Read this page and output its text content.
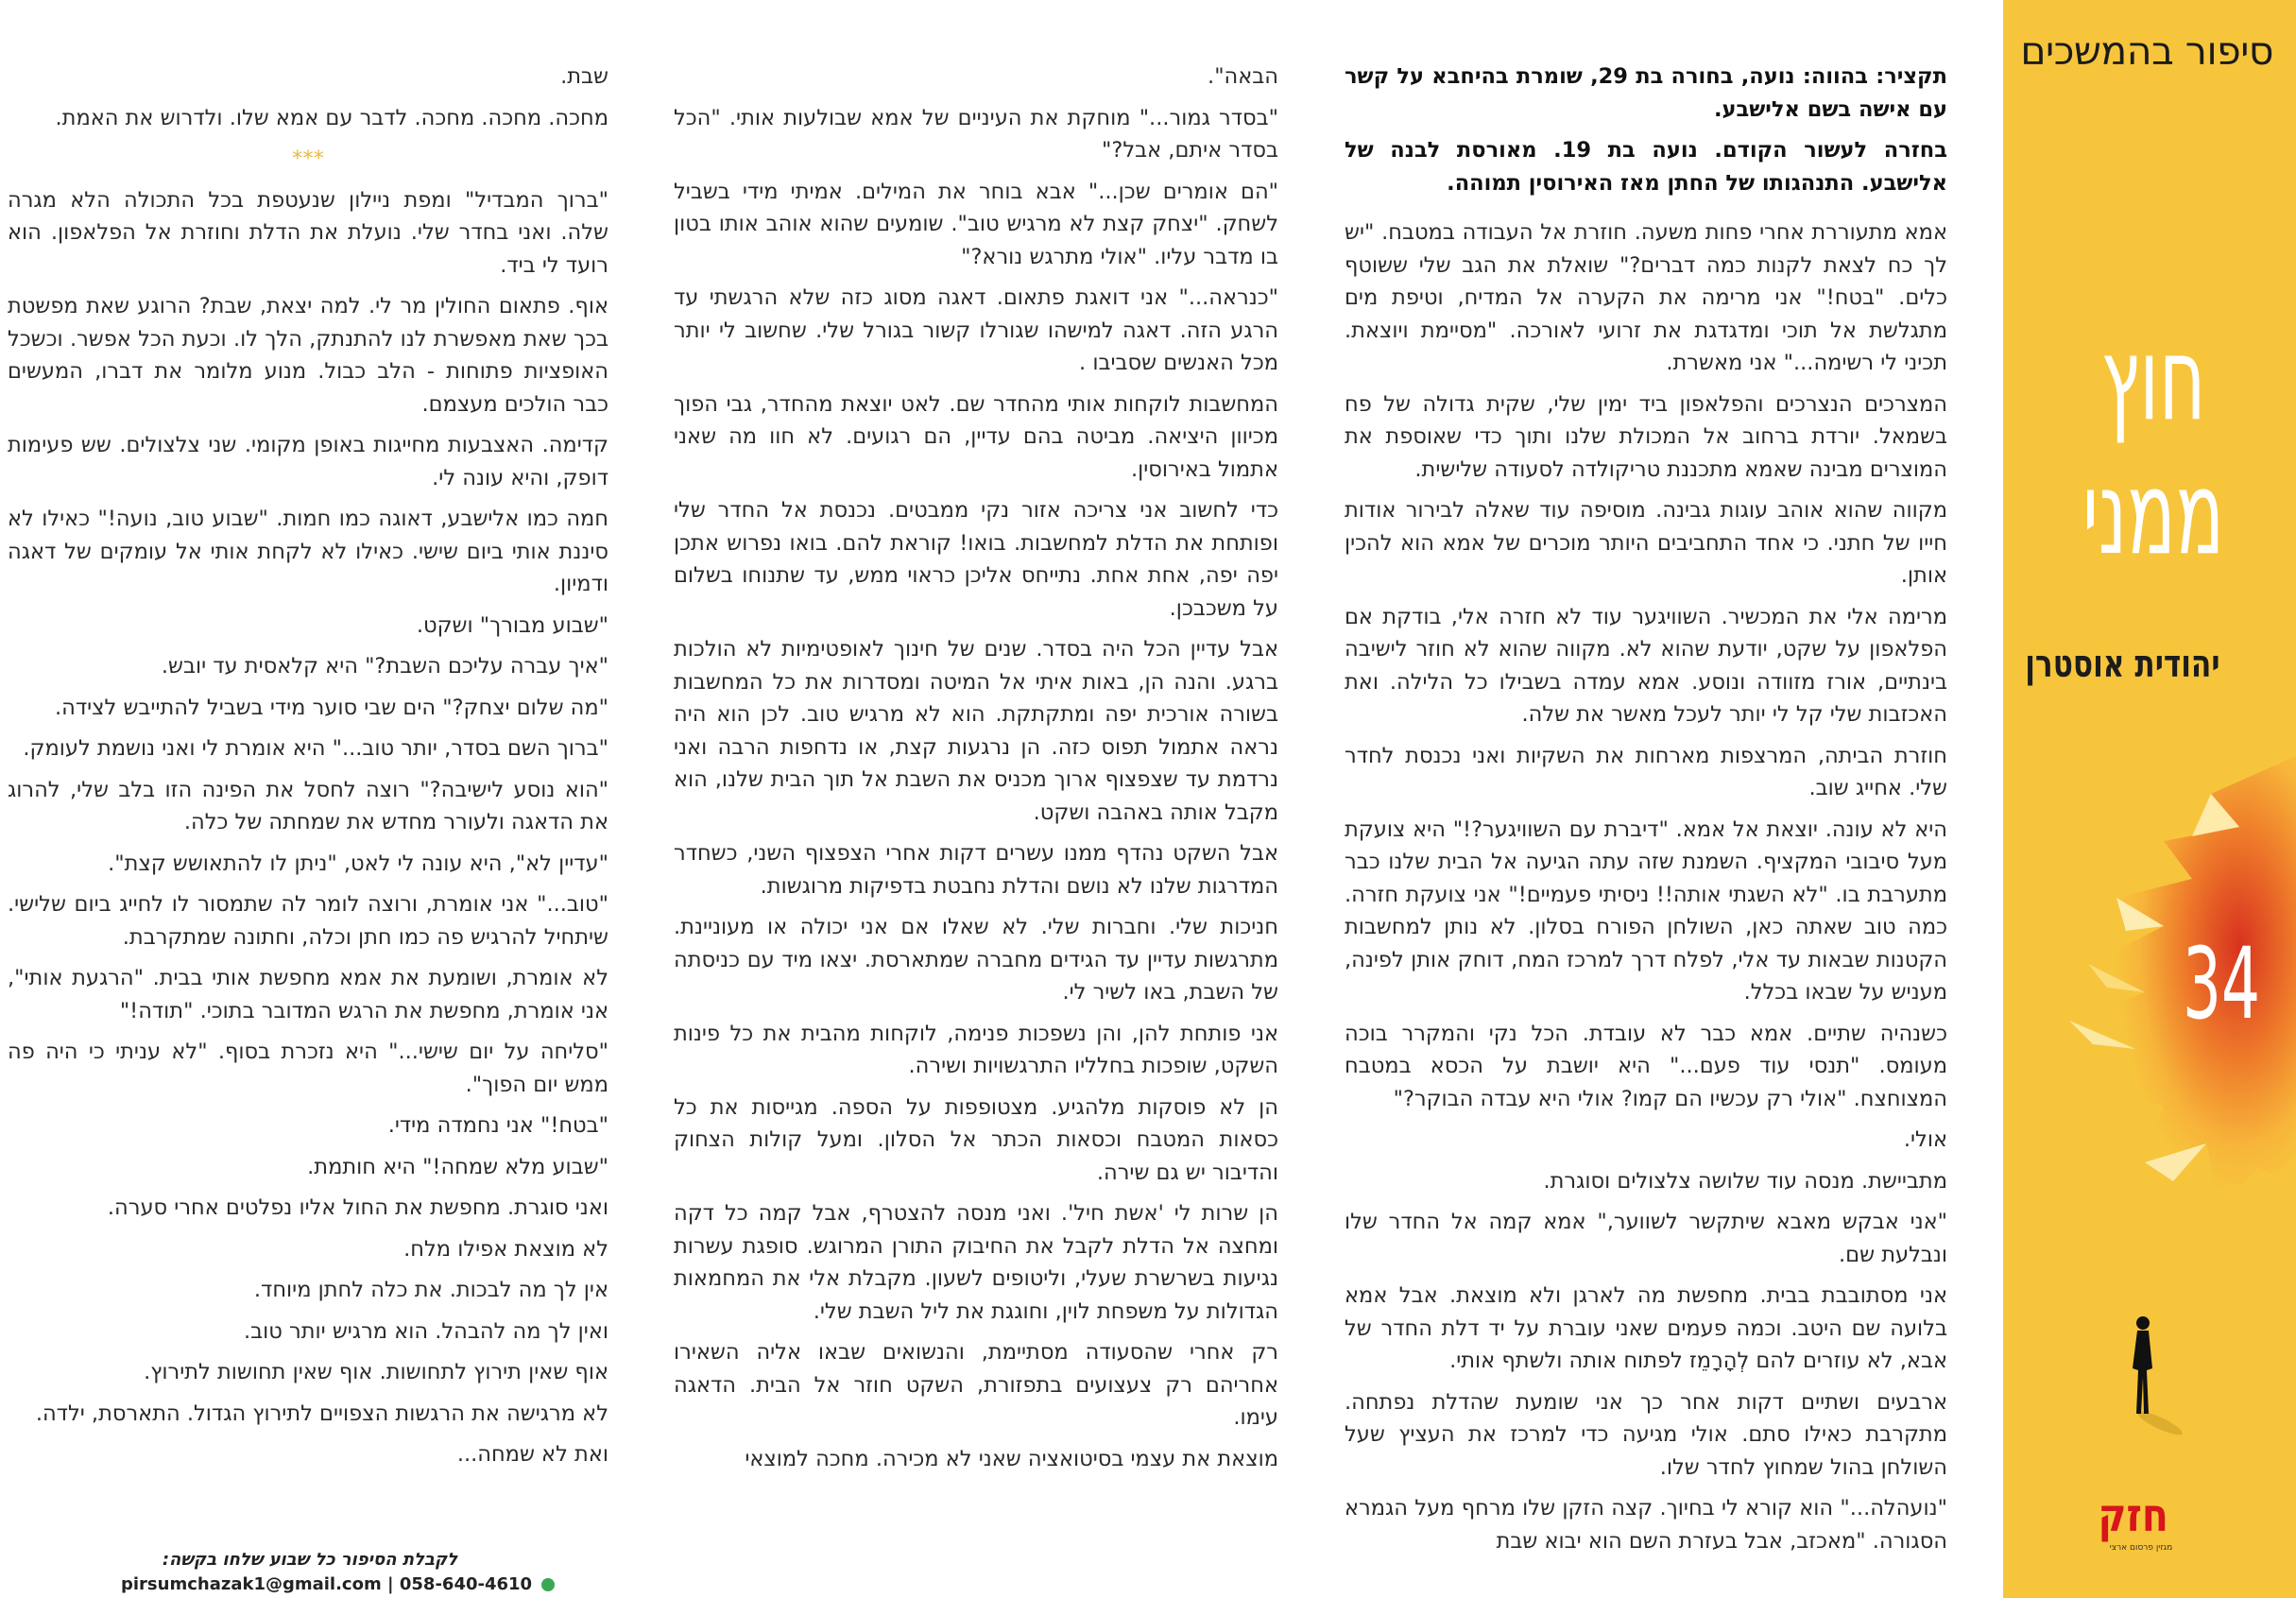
תקציר: בהווה: נועה, בחורה בת 29, שומרת בהיחבא על קשר עם אישה בשם אלישבע.

בחזרה לעשור הקודם. נועה בת 19. מאורסת לבנה של אלישבע. התנהגותו של החתן מאז האירוסין תמוהה.

אמא מתעוררת אחרי פחות משעה. חוזרת אל העבודה במטבח. "יש לך כח לצאת לקנות כמה דברים?" שואלת את הגב שלי ששוטף כלים. "בטח!" אני מרימה את הקערה אל המדיח, וטיפת מים מתגלשת אל תוכי ומדגדגת את זרועי לאורכה. "מסיימת ויוצאת. תכיני לי רשימה..." אני מאשרת.

המצרכים הנצרכים והפלאפון ביד ימין שלי, שקית גדולה של פח בשמאל. יורדת ברחוב אל המכולת שלנו ותוך כדי שאוספת את המוצרים מבינה שאמא מתכננת טריקולדה לסעודה שלישית.

מקווה שהוא אוהב עוגות גבינה. מוסיפה עוד שאלה לבירור אודות חייו של חתני. כי אחד התחביבים היותר מוכרים של אמא הוא להכין אותן.

מרימה אלי את המכשיר. השוויגער עוד לא חזרה אלי, בודקת אם הפלאפון על שקט, יודעת שהוא לא. מקווה שהוא לא חוזר לישיבה בינתיים, אורז מזוודה ונוסע. אמא עמדה בשבילו כל הלילה. ואת האכזבות שלי קל לי יותר לעכל מאשר את שלה.

חוזרת הביתה, המרצפות מארחות את השקיות ואני נכנסת לחדר שלי. אחייג שוב.

היא לא עונה. יוצאת אל אמא. "דיברת עם השוויגער?!" היא צועקת מעל סיבובי המקציף. השמנת שזה עתה הגיעה אל הבית שלנו כבר מתערבת בו. "לא השגתי אותה!! ניסיתי פעמיים!" אני צועקת חזרה. כמה טוב שאתה כאן, השולחן הפורח בסלון. לא נותן למחשבות הקטנות שבאות עד אלי, לפלח דרך למרכז המח, דוחק אותן לפינה, מעניש על שבאו בכלל.

כשנהיה שתיים. אמא כבר לא עובדת. הכל נקי והמקרר בוכה מעומס. "תנסי עוד פעם..." היא יושבת על הכסא במטבח המצוחצח. "אולי רק עכשיו הם קמו? אולי היא עבדה הבוקר?"

אולי.

מתביישת. מנסה עוד שלושה צלצולים וסוגרת.

"אני אבקש מאבא שיתקשר לשווער," אמא קמה אל החדר שלו ונבלעת שם.

אני מסתובבת בבית. מחפשת מה לארגן ולא מוצאת. אבל אמא בלועה שם היטב. וכמה פעמים שאני עוברת על יד דלת החדר של אבא, לא עוזרים להם לְהָרָמֵז לפתוח אותה ולשתף אותי.

ארבעים ושתיים דקות אחר כך אני שומעת שהדלת נפתחה. מתקרבת כאילו סתם. אולי מגיעה כדי למרכז את העציץ שעל השולחן בהול שמחוץ לחדר שלו.

"נועהלה..." הוא קורא לי בחיוך. קצה הזקן שלו מרחף מעל הגמרא הסגורה. "מאכזב, אבל בעזרת השם הוא יבוא שבת

הבאה".

"בסדר גמור..." מוחקת את העיניים של אמא שבולעות אותי. "הכל בסדר איתם, אבל?"

"הם אומרים שכן..." אבא בוחר את המילים. אמיתי מידי בשביל לשחק. "יצחק קצת לא מרגיש טוב". שומעים שהוא אוהב אותו בטון בו מדבר עליו. "אולי מתרגש נורא?"

"כנראה..." אני דואגת פתאום. דאגה מסוג כזה שלא הרגשתי עד הרגע הזה. דאגה למישהו שגורלו קשור בגורל שלי. שחשוב לי יותר מכל האנשים שסביבו .

המחשבות לוקחות אותי מהחדר שם. לאט יוצאת מהחדר, גבי הפוך מכיוון היציאה. מביטה בהם עדיין, הם רגועים. לא חוו מה שאני אתמול באירוסין.

כדי לחשוב אני צריכה אזור נקי ממבטים. נכנסת אל החדר שלי ופותחת את הדלת למחשבות. בואו! קוראת להם. בואו נפרוש אתכן יפה יפה, אחת אחת. נתייחס אליכן כראוי ממש, עד שתנוחו בשלום על משכבכן.

אבל עדיין הכל היה בסדר. שנים של חינוך לאופטימיות לא הולכות ברגע. והנה הן, באות איתי אל המיטה ומסדרות את כל המחשבות בשורה אורכית יפה ומתקתקת. הוא לא מרגיש טוב. לכן הוא היה נראה אתמול תפוס כזה. הן נרגעות קצת, או נדחפות הרבה ואני נרדמת עד שצפצוף ארוך מכניס את השבת אל תוך הבית שלנו, הוא מקבל אותה באהבה ושקט.

אבל השקט נהדף ממנו עשרים דקות אחרי הצפצוף השני, כשחדר המדרגות שלנו לא נושם והדלת נחבטת בדפיקות מרוגשות.

חניכות שלי. וחברות שלי. לא שאלו אם אני יכולה או מעוניינת. מתרגשות עדיין עד הגידים מחברה שמתארסת. יצאו מיד עם כניסתה של השבת, באו לשיר לי.

אני פותחת להן, והן נשפכות פנימה, לוקחות מהבית את כל פינות השקט, שופכות בחלליו התרגשויות ושירה.

הן לא פוסקות מלהגיע. מצטופפות על הספה. מגייסות את כל כסאות המטבח וכסאות הכתר אל הסלון. ומעל קולות הצחוק והדיבור יש גם שירה.

הן שרות לי 'אשת חיל'. ואני מנסה להצטרף, אבל קמה כל דקה ומחצה אל הדלת לקבל את החיבוק התורן המרוגש. סופגת עשרות נגיעות בשרשרת שעלי, וליטופים לשעון. מקבלת אלי את המחמאות הגדולות על משפחת לוין, וחוגגת את ליל השבת שלי.

רק אחרי שהסעודה מסתיימת, והנשואים שבאו אליה השאירו אחריהם רק צעצועים בתפזורת, השקט חוזר אל הבית. הדאגה עימו.

מוצאת את עצמי בסיטואציה שאני לא מכירה. מחכה למוצאי

שבת.

מחכה. מחכה. מחכה. לדבר עם אמא שלו. ולדרוש את האמת.

***

"ברוך המבדיל" ומפת ניילון שנעטפת בכל התכולה הלא מגרה שלה. ואני בחדר שלי. נועלת את הדלת וחוזרת אל הפלאפון. הוא רועד לי ביד.

אוף. פתאום החולין מר לי. למה יצאת, שבת? הרוגע שאת מפשטת בכך שאת מאפשרת לנו להתנתק, הלך לו. וכעת הכל אפשר. וכשכל האופציות פתוחות - הלב כבול. מנוע מלומר את דברו, המעשים כבר הולכים מעצמם.

קדימה. האצבעות מחייגות באופן מקומי. שני צלצולים. שש פעימות דופק, והיא עונה לי.

חמה כמו אלישבע, דאוגה כמו חמות. "שבוע טוב, נועה!" כאילו לא סיננת אותי ביום שישי. כאילו לא לקחת אותי אל עומקים של דאגה ודמיון.

"שבוע מבורך" ושקט.

"איך עברה עליכם השבת?" היא קלאסית עד יובש.

"מה שלום יצחק?" הים שבי סוער מידי בשביל להתייבש לצידה.

"ברוך השם בסדר, יותר טוב..." היא אומרת לי ואני נושמת לעומק.

"הוא נוסע לישיבה?" רוצה לחסל את הפינה הזו בלב שלי, להרוג את הדאגה ולעורר מחדש את שמחתה של כלה.

"עדיין לא", היא עונה לי לאט, "ניתן לו להתאושש קצת".

"טוב..." אני אומרת, ורוצה לומר לה שתמסור לו לחייג ביום שלישי. שיתחיל להרגיש פה כמו חתן וכלה, וחתונה שמתקרבת.

לא אומרת, ושומעת את אמא מחפשת אותי בבית. "הרגעת אותי", אני אומרת, מחפשת את הרגש המדובר בתוכי. "תודה!"

"סליחה על יום שישי..." היא נזכרת בסוף. "לא עניתי כי היה פה ממש יום הפוך".

"בטח!" אני נחמדה מידי.

"שבוע מלא שמחה!" היא חותמת.

ואני סוגרת. מחפשת את החול אליו נפלטים אחרי סערה.

לא מוצאת אפילו מלח.

אין לך מה לבכות. את כלה לחתן מיוחד.

ואין לך מה להבהל. הוא מרגיש יותר טוב.

אוף שאין תירוץ לתחושות. אוף שאין תחושות לתירוץ.

לא מרגישה את הרגשות הצפויים לתירוץ הגדול. התארסת, ילדה.

ואת לא שמחה...

לקבלת הסיפור כל שבוע שלחו בקשה:
pirsumchazak1@gmail.com | 058-640-4610
סיפור בהמשכים
חוץ
ממני
יהודית אוסטרן
34
חזק
מגזין פרסום ארצי
